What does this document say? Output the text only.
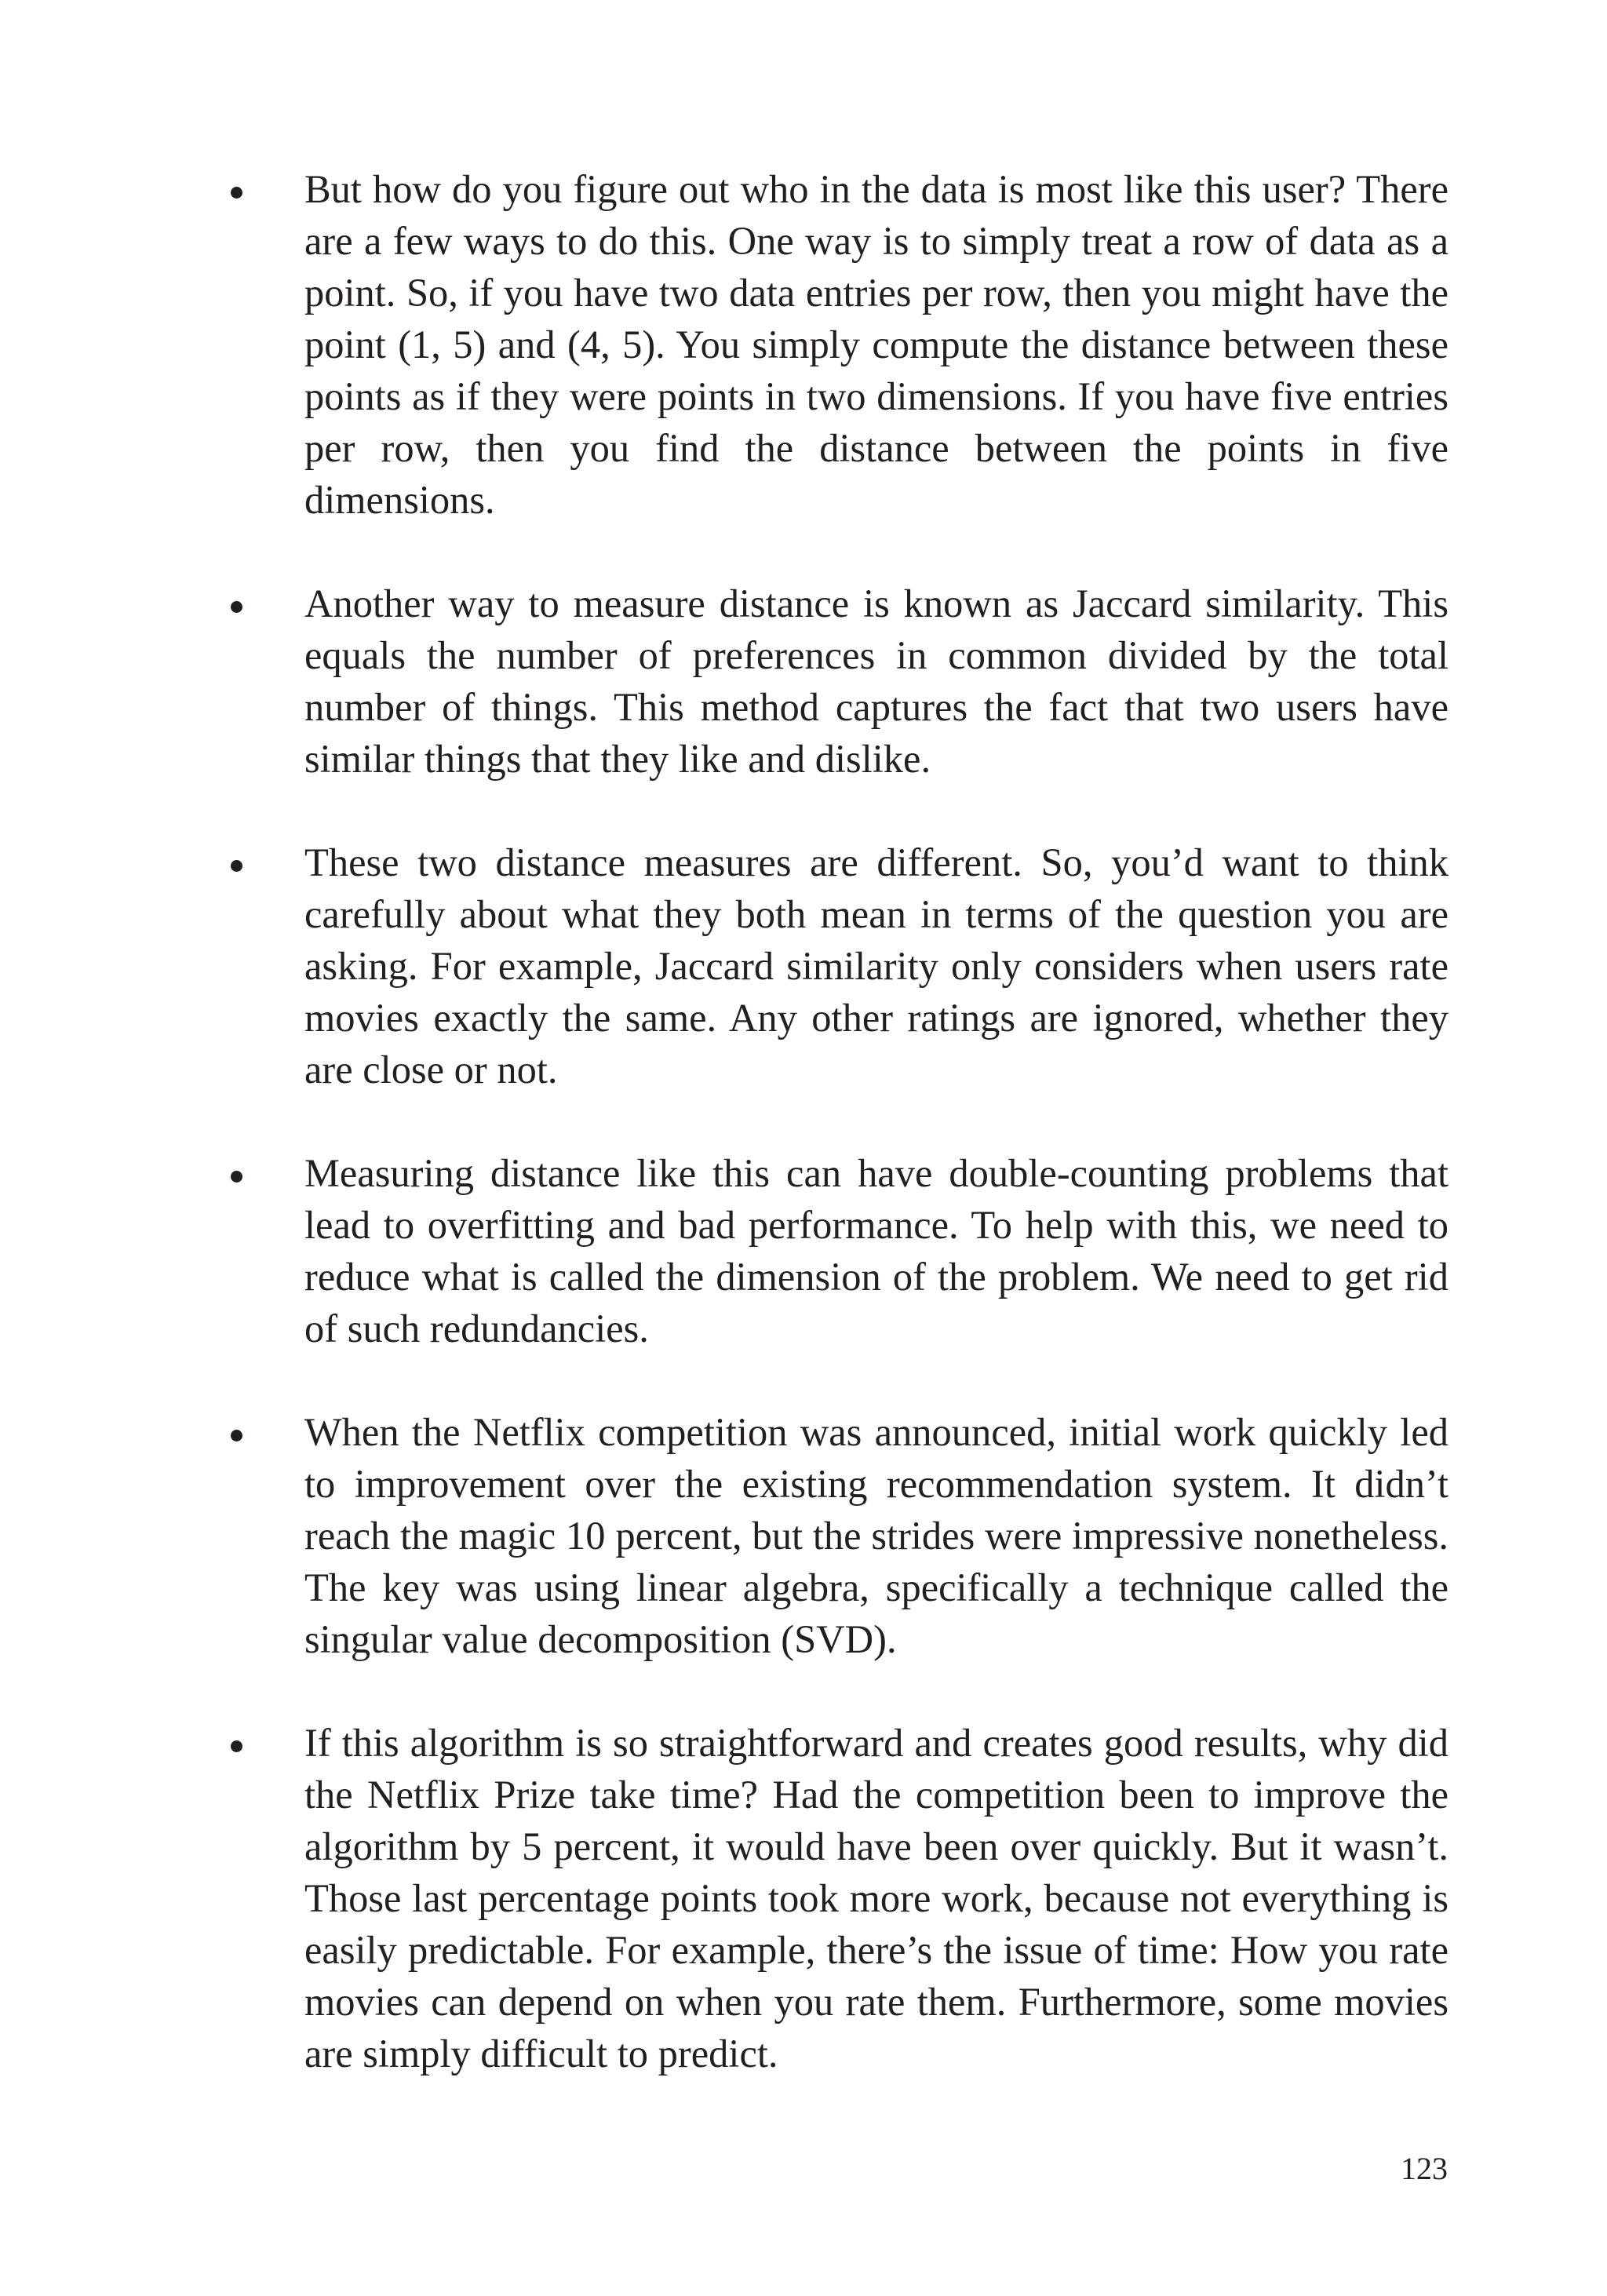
But how do you figure out who in the data is most like this user? There are a few ways to do this. One way is to simply treat a row of data as a point. So, if you have two data entries per row, then you might have the point (1, 5) and (4, 5). You simply compute the distance between these points as if they were points in two dimensions. If you have five entries per row, then you find the distance between the points in five dimensions.
Another way to measure distance is known as Jaccard similarity. This equals the number of preferences in common divided by the total number of things. This method captures the fact that two users have similar things that they like and dislike.
These two distance measures are different. So, you’d want to think carefully about what they both mean in terms of the question you are asking. For example, Jaccard similarity only considers when users rate movies exactly the same. Any other ratings are ignored, whether they are close or not.
Measuring distance like this can have double-counting problems that lead to overfitting and bad performance. To help with this, we need to reduce what is called the dimension of the problem. We need to get rid of such redundancies.
When the Netflix competition was announced, initial work quickly led to improvement over the existing recommendation system. It didn’t reach the magic 10 percent, but the strides were impressive nonetheless. The key was using linear algebra, specifically a technique called the singular value decomposition (SVD).
If this algorithm is so straightforward and creates good results, why did the Netflix Prize take time? Had the competition been to improve the algorithm by 5 percent, it would have been over quickly. But it wasn’t. Those last percentage points took more work, because not everything is easily predictable. For example, there’s the issue of time: How you rate movies can depend on when you rate them. Furthermore, some movies are simply difficult to predict.
123
